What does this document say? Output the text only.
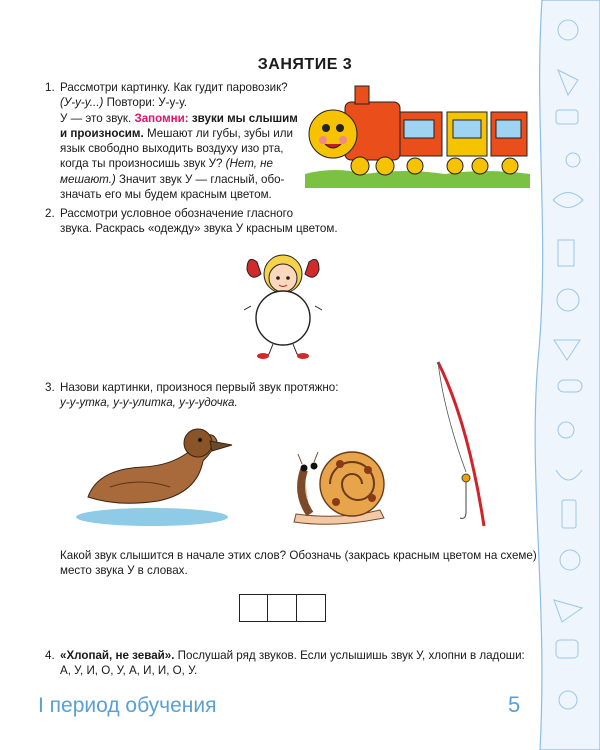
ЗАНЯТИЕ 3
1. Рассмотри картинку. Как гудит паровозик?
(У-у-у...) Повтори: У-у-у.
У — это звук. Запомни: звуки мы слышим
и произносим. Мешают ли губы, зубы или
язык свободно выходить воздуху изо рта,
когда ты произносишь звук У? (Нет, не
мешают.) Значит звук У — гласный, обо-
значать его мы будем красным цветом.
2. Рассмотри условное обозначение гласного
звука. Раскрась «одежду» звука У красным цветом.
3. Назови картинки, произнося первый звук протяжно:
у-у-утка, у-у-улитка, у-у-удочка.
Какой звук слышится в начале этих слов? Обозначь (закрась красным цветом на схеме)
место звука У в словах.
4. «Хлопай, не зевай». Послушай ряд звуков. Если услышишь звук У, хлопни в ладоши:
А, У, И, О, У, А, И, И, О, У.
I период обучения	5
